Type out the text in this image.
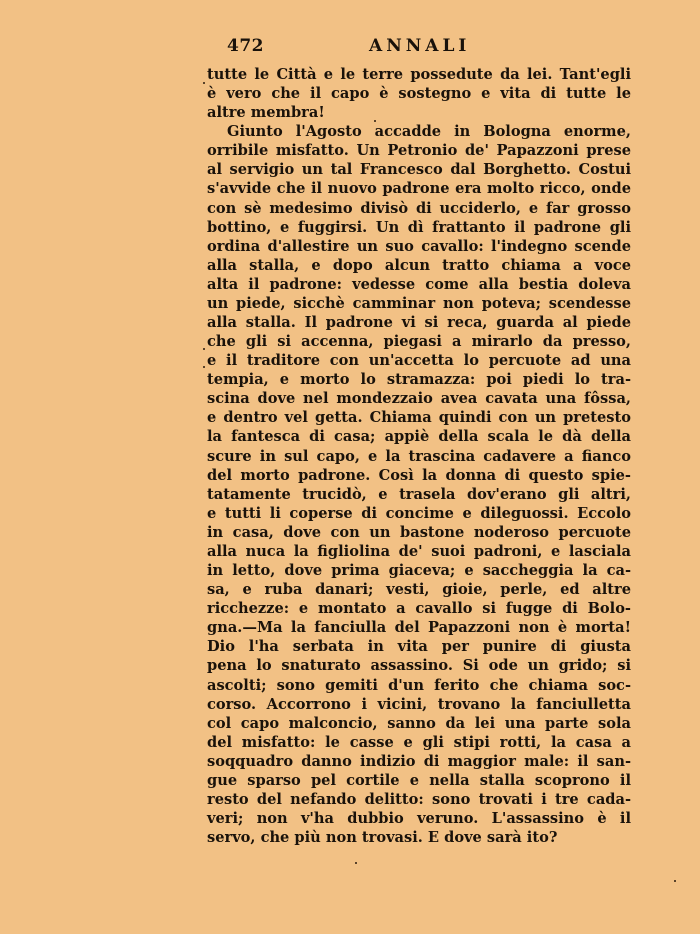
472	ANNALI
tutte le Città e le terre possedute da lei. Tant'egli
è vero che il capo è sostegno e vita di tutte le
altre membra!
Giunto l'Agosto accadde in Bologna enorme,
orribile misfatto. Un Petronio de' Papazzoni prese
al servigio un tal Francesco dal Borghetto. Costui
s'avvide che il nuovo padrone era molto ricco, onde
con sè medesimo divisò di ucciderlo, e far grosso
bottino, e fuggirsi. Un dì frattanto il padrone gli
ordina d'allestire un suo cavallo: l'indegno scende
alla stalla, e dopo alcun tratto chiama a voce
alta il padrone: vedesse come alla bestia doleva
un piede, sicchè camminar non poteva; scendesse
alla stalla. Il padrone vi si reca, guarda al piede
che gli si accenna, piegasi a mirarlo da presso,
e il traditore con un'accetta lo percuote ad una
tempia, e morto lo stramazza: poi piedi lo tra-
scina dove nel mondezzaio avea cavata una fôssa,
e dentro vel getta. Chiama quindi con un pretesto
la fantesca di casa; appiè della scala le dà della
scure in sul capo, e la trascina cadavere a fianco
del morto padrone. Così la donna di questo spie-
tatamente trucidò, e trasela dov'erano gli altri,
e tutti li coperse di concime e dileguossi. Eccolo
in casa, dove con un bastone noderoso percuote
alla nuca la figliolina de' suoi padroni, e lasciala
in letto, dove prima giaceva; e saccheggia la ca-
sa, e ruba danari; vesti, gioie, perle, ed altre
ricchezze: e montato a cavallo si fugge di Bolo-
gna.—Ma la fanciulla del Papazzoni non è morta!
Dio l'ha serbata in vita per punire di giusta
pena lo snaturato assassino. Si ode un grido; si
ascolti; sono gemiti d'un ferito che chiama soc-
corso. Accorrono i vicini, trovano la fanciulletta
col capo malconcio, sanno da lei una parte sola
del misfatto: le casse e gli stipi rotti, la casa a
soqquadro danno indizio di maggior male: il san-
gue sparso pel cortile e nella stalla scoprono il
resto del nefando delitto: sono trovati i tre cada-
veri; non v'ha dubbio veruno. L'assassino è il
servo, che più non trovasi. E dove sarà ito?
